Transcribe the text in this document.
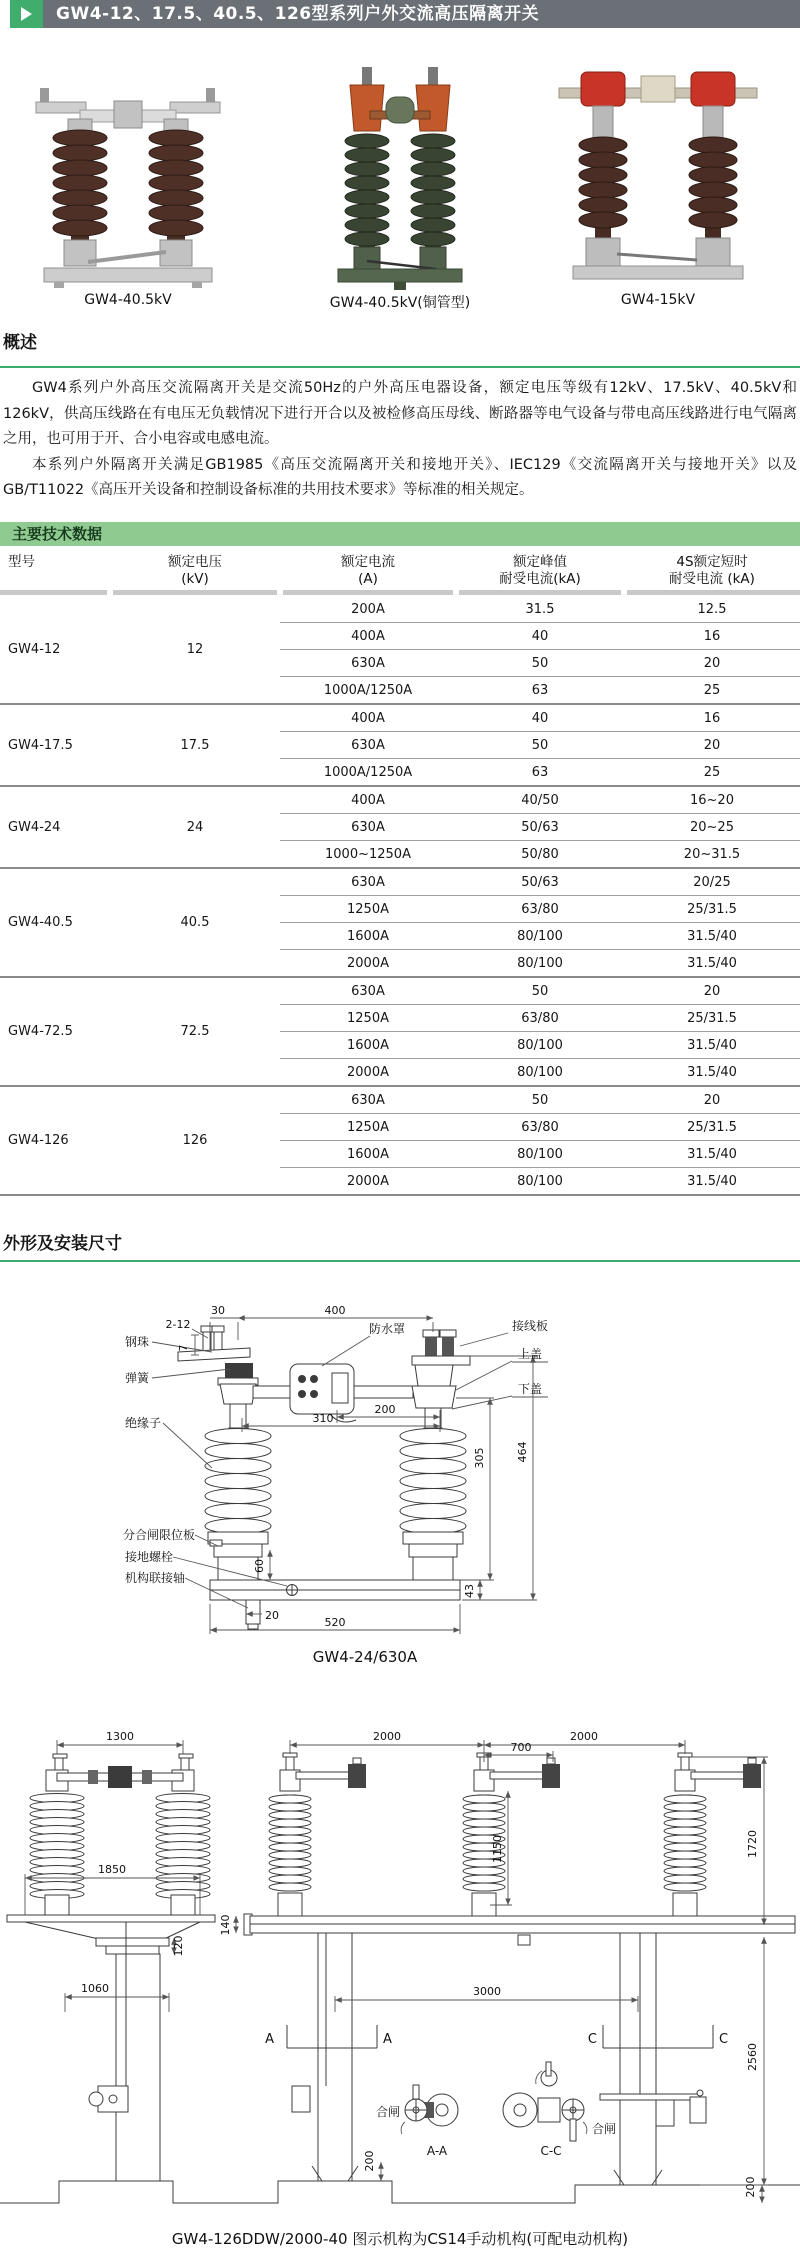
GW4-12、17.5、40.5、126型系列户外交流高压隔离开关
GW4-40.5kV	GW4-40.5kV(铜管型)	GW4-15kV
概述

GW4系列户外高压交流隔离开关是交流50Hz的户外高压电器设备，额定电压等级有12kV、17.5kV、40.5kV和126kV，供高压线路在有电压无负载情况下进行开合以及被检修高压母线、断路器等电气设备与带电高压线路进行电气隔离之用，也可用于开、合小电容或电感电流。

本系列户外隔离开关满足GB1985《高压交流隔离开关和接地开关》、IEC129《交流隔离开关与接地开关》以及GB/T11022《高压开关设备和控制设备标准的共用技术要求》等标准的相关规定。

主要技术数据
型号	额定电压
(kV)

额定电流
(A)

额定峰值
耐受电流(kA)

4S额定短时
耐受电流 (kA)

GW4-12	12	200A	31.5	12.5
		400A	40	16
		630A	50	20
		1000A/1250A	63	25
GW4-17.5	17.5	400A	40	16
		630A	50	20
		1000A/1250A	63	25
GW4-24	24	400A	40/50	16~20
		630A	50/63	20~25
		1000~1250A	50/80	20~31.5
GW4-40.5	40.5	630A	50/63	20/25
		1250A	63/80	25/31.5
		1600A	80/100	31.5/40
		2000A	80/100	31.5/40
GW4-72.5	72.5	630A	50	20
		1250A	63/80	25/31.5
		1600A	80/100	31.5/40
		2000A	80/100	31.5/40
GW4-126	126	630A	50	20
		1250A	63/80	25/31.5
		1600A	80/100	31.5/40
		2000A	80/100	31.5/40
外形及安装尺寸
30	400
2-12
7
防水罩	接线板
上盖
下盖
钢珠
弹簧
绝缘子
分合闸限位板
接地螺栓
机构联接轴
200
310
305	464
43
60
20
520
GW4-24/630A
1300	2000	2000
700
1850
1060
120
140
1150	1720
2560
3000
200
200
A	A	C	C
A-A	C-C
合闸
合闸
GW4-126DDW/2000-40 图示机构为CS14手动机构(可配电动机构)
